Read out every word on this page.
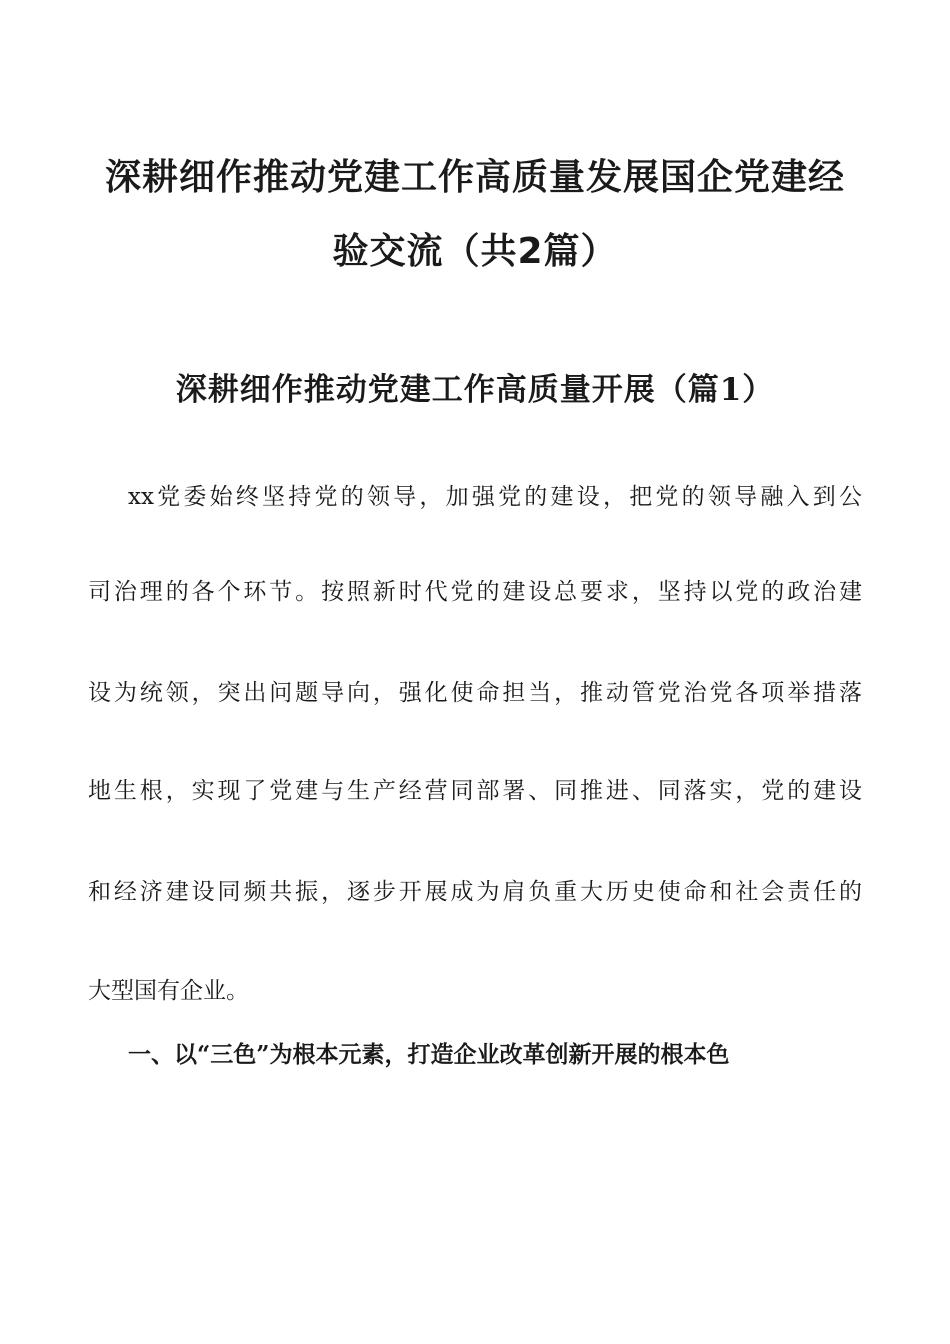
深耕细作推动党建工作高质量发展国企党建经
验交流（共2篇）
深耕细作推动党建工作高质量开展（篇1）
xx党委始终坚持党的领导，加强党的建设，把党的领导融入到公
司治理的各个环节。按照新时代党的建设总要求，坚持以党的政治建
设为统领，突出问题导向，强化使命担当，推动管党治党各项举措落
地生根，实现了党建与生产经营同部署、同推进、同落实，党的建设
和经济建设同频共振，逐步开展成为肩负重大历史使命和社会责任的
大型国有企业。
一、以“三色”为根本元素，打造企业改革创新开展的根本色
